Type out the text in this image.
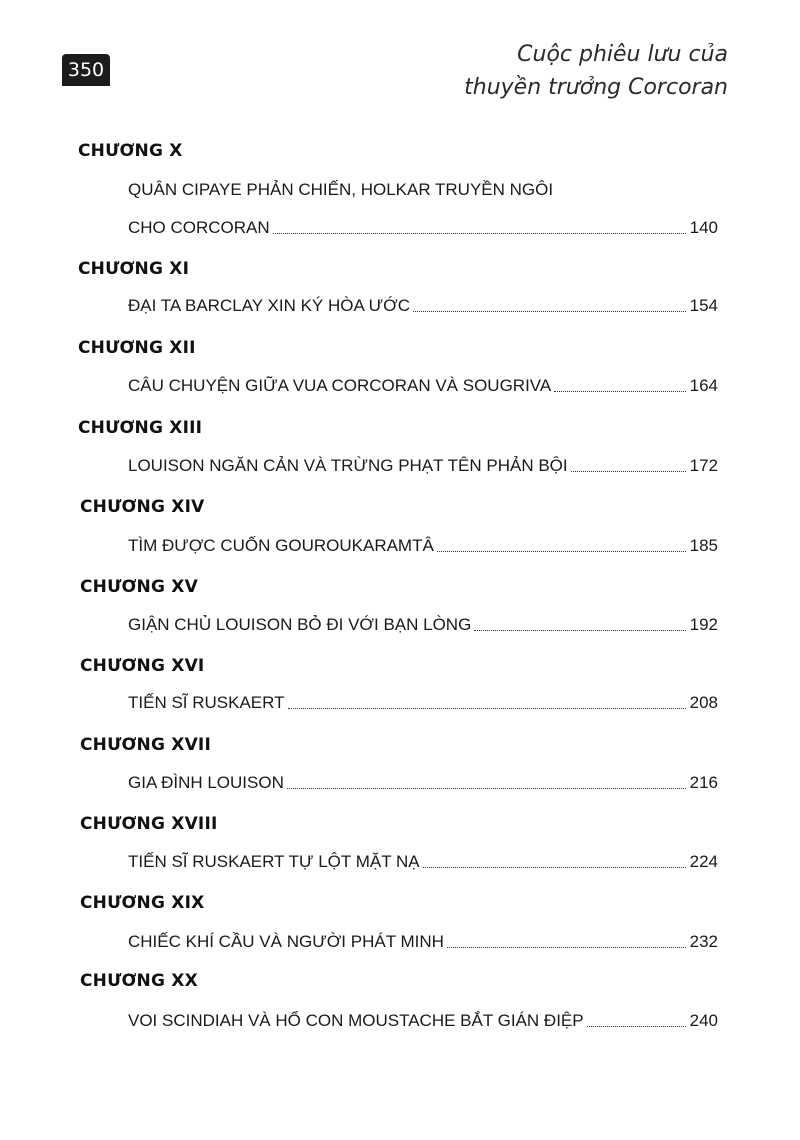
350
Cuộc phiêu lưu của
thuyền trưởng Corcoran
CHƯƠNG X
QUÂN CIPAYE PHẢN CHIẾN, HOLKAR TRUYỀN NGÔI
CHO CORCORAN	140
CHƯƠNG XI
ĐẠI TA BARCLAY XIN KÝ HÒA ƯỚC	154
CHƯƠNG XII
CÂU CHUYỆN GIỮA VUA CORCORAN VÀ SOUGRIVA	164
CHƯƠNG XIII
LOUISON NGĂN CẢN VÀ TRỪNG PHẠT TÊN PHẢN BỘI	172
CHƯƠNG XIV
TÌM ĐƯỢC CUỐN GOUROUKARAMTÂ	185
CHƯƠNG XV
GIẬN CHỦ LOUISON BỎ ĐI VỚI BẠN LÒNG	192
CHƯƠNG XVI
TIẾN SĨ RUSKAERT	208
CHƯƠNG XVII
GIA ĐÌNH LOUISON	216
CHƯƠNG XVIII
TIẾN SĨ RUSKAERT TỰ LỘT MẶT NẠ	224
CHƯƠNG XIX
CHIẾC KHÍ CẦU VÀ NGƯỜI PHÁT MINH	232
CHƯƠNG XX
VOI SCINDIAH VÀ HỔ CON MOUSTACHE BẮT GIÁN ĐIỆP	240
